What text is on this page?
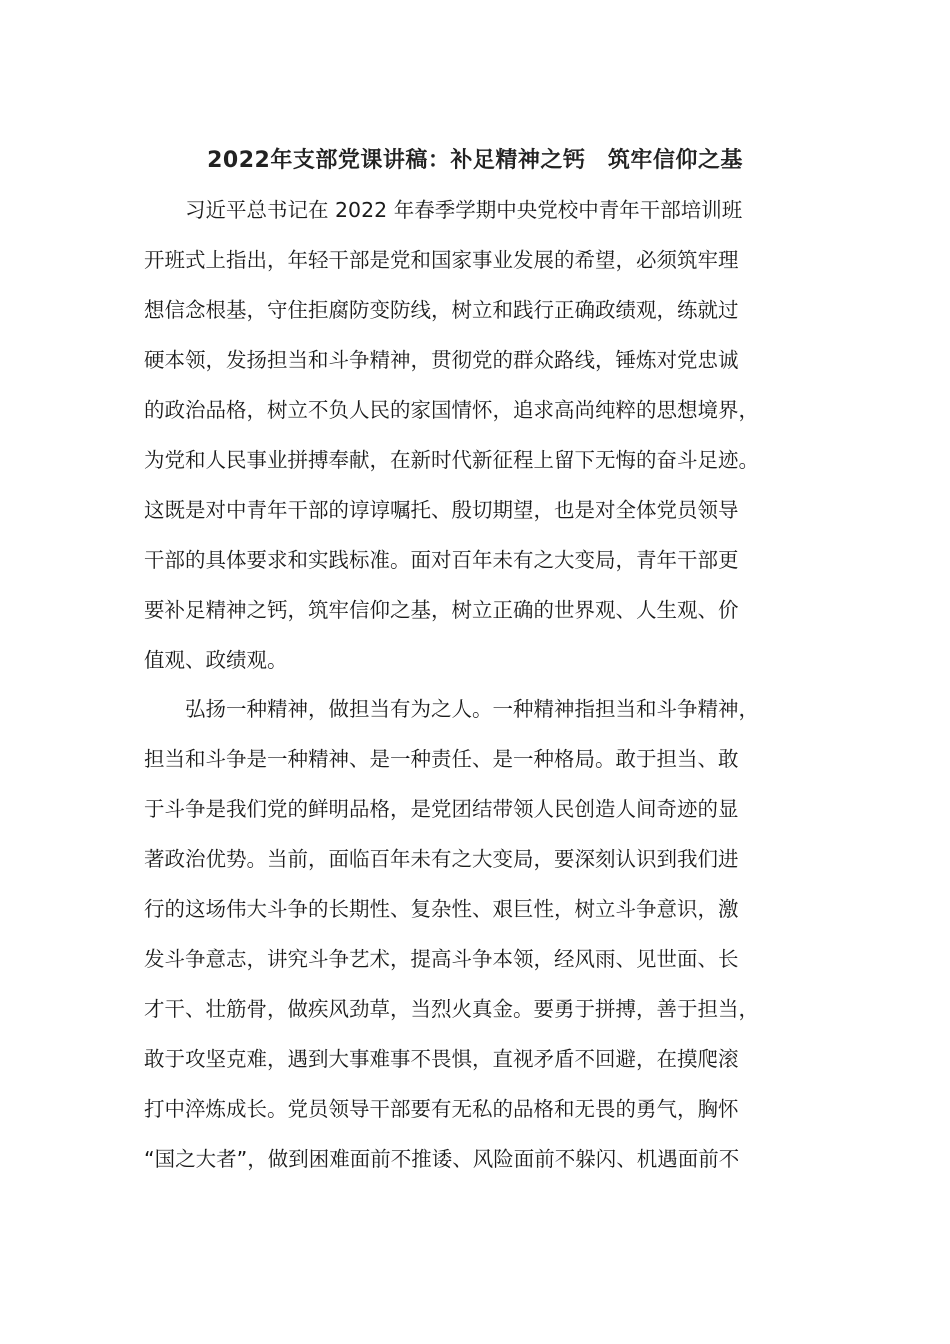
2022年支部党课讲稿：补足精神之钙　筑牢信仰之基
　　习近平总书记在 2022 年春季学期中央党校中青年干部培训班
开班式上指出，年轻干部是党和国家事业发展的希望，必须筑牢理
想信念根基，守住拒腐防变防线，树立和践行正确政绩观，练就过
硬本领，发扬担当和斗争精神，贯彻党的群众路线，锤炼对党忠诚
的政治品格，树立不负人民的家国情怀，追求高尚纯粹的思想境界，
为党和人民事业拼搏奉献，在新时代新征程上留下无悔的奋斗足迹。
这既是对中青年干部的谆谆嘱托、殷切期望，也是对全体党员领导
干部的具体要求和实践标准。面对百年未有之大变局，青年干部更
要补足精神之钙，筑牢信仰之基，树立正确的世界观、人生观、价
值观、政绩观。
　　弘扬一种精神，做担当有为之人。一种精神指担当和斗争精神，
担当和斗争是一种精神、是一种责任、是一种格局。敢于担当、敢
于斗争是我们党的鲜明品格，是党团结带领人民创造人间奇迹的显
著政治优势。当前，面临百年未有之大变局，要深刻认识到我们进
行的这场伟大斗争的长期性、复杂性、艰巨性，树立斗争意识，激
发斗争意志，讲究斗争艺术，提高斗争本领，经风雨、见世面、长
才干、壮筋骨，做疾风劲草，当烈火真金。要勇于拼搏，善于担当，
敢于攻坚克难，遇到大事难事不畏惧，直视矛盾不回避，在摸爬滚
打中淬炼成长。党员领导干部要有无私的品格和无畏的勇气，胸怀
“国之大者”，做到困难面前不推诿、风险面前不躲闪、机遇面前不
